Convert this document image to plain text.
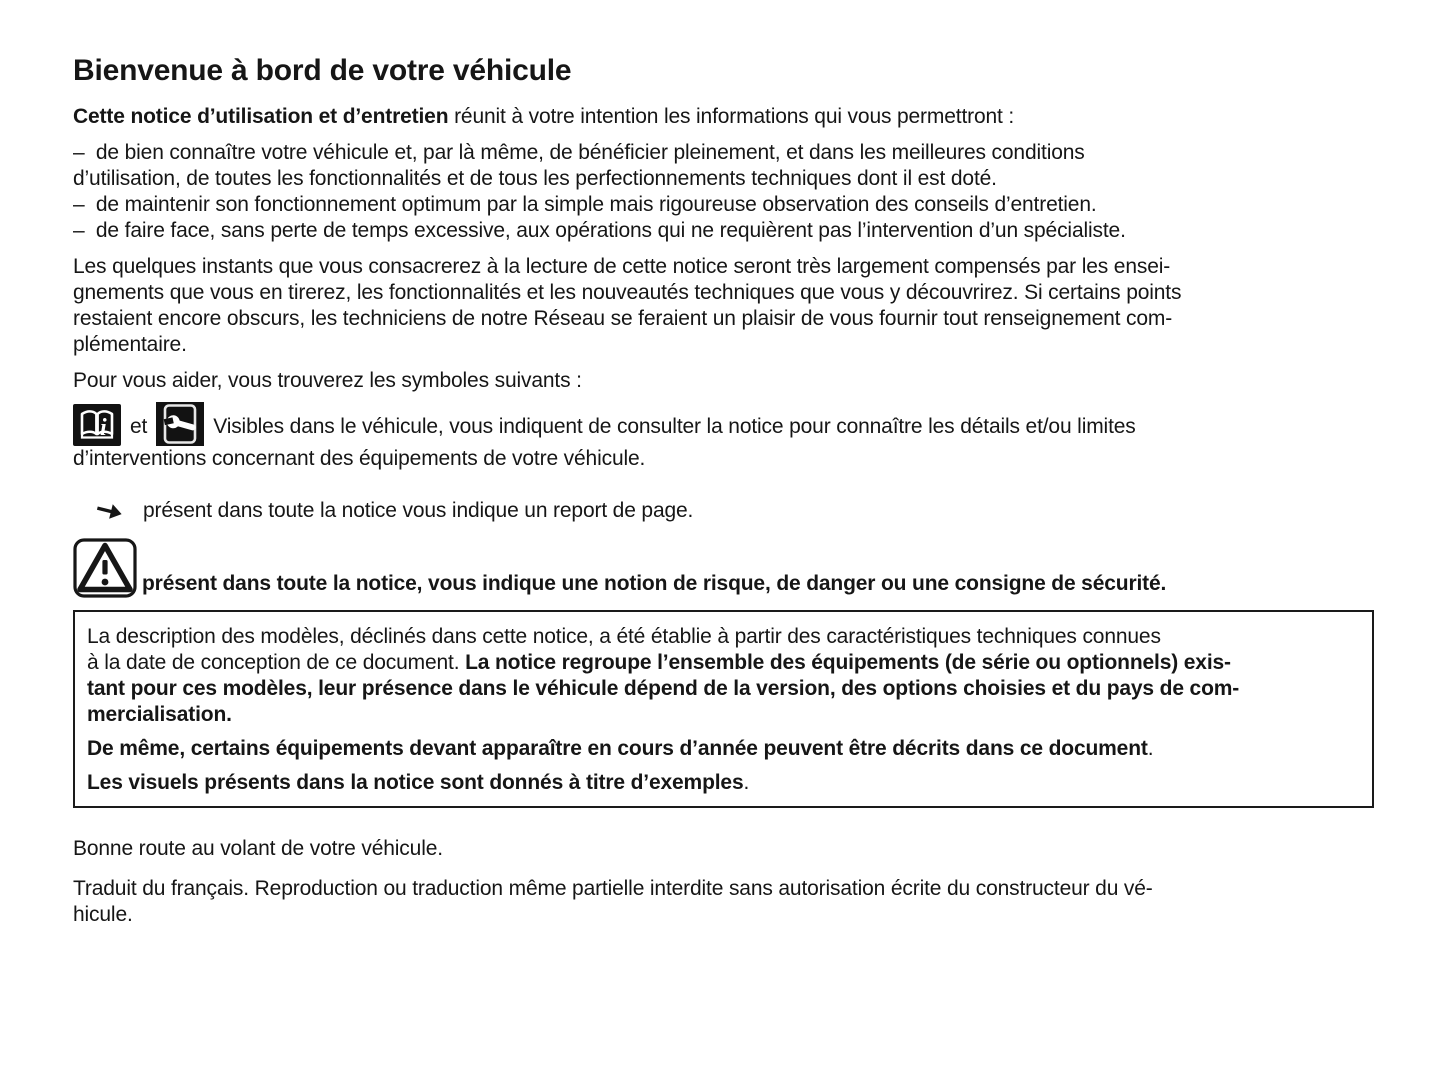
Bienvenue à bord de votre véhicule

Cette notice d’utilisation et d’entretien réunit à votre intention les informations qui vous permettront :

–  de bien connaître votre véhicule et, par là même, de bénéficier pleinement, et dans les meilleures conditions
d’utilisation, de toutes les fonctionnalités et de tous les perfectionnements techniques dont il est doté.
–  de maintenir son fonctionnement optimum par la simple mais rigoureuse observation des conseils d’entretien.
–  de faire face, sans perte de temps excessive, aux opérations qui ne requièrent pas l’intervention d’un spécialiste.
Les quelques instants que vous consacrerez à la lecture de cette notice seront très largement compensés par les ensei-
gnements que vous en tirerez, les fonctionnalités et les nouveautés techniques que vous y découvrirez. Si certains points
restaient encore obscurs, les techniciens de notre Réseau se feraient un plaisir de vous fournir tout renseignement com-
plémentaire.
Pour vous aider, vous trouverez les symboles suivants :
i et	Visibles dans le véhicule, vous indiquent de consulter la notice pour connaître les détails et/ou limites
d’interventions concernant des équipements de votre véhicule.
présent dans toute la notice vous indique un report de page.
présent dans toute la notice, vous indique une notion de risque, de danger ou une consigne de sécurité.
La description des modèles, déclinés dans cette notice, a été établie à partir des caractéristiques techniques connues
à la date de conception de ce document. La notice regroupe l’ensemble des équipements (de série ou optionnels) exis-
tant pour ces modèles, leur présence dans le véhicule dépend de la version, des options choisies et du pays de com-
mercialisation.
De même, certains équipements devant apparaître en cours d’année peuvent être décrits dans ce document.
Les visuels présents dans la notice sont donnés à titre d’exemples.
Bonne route au volant de votre véhicule.
Traduit du français. Reproduction ou traduction même partielle interdite sans autorisation écrite du constructeur du vé-
hicule.
